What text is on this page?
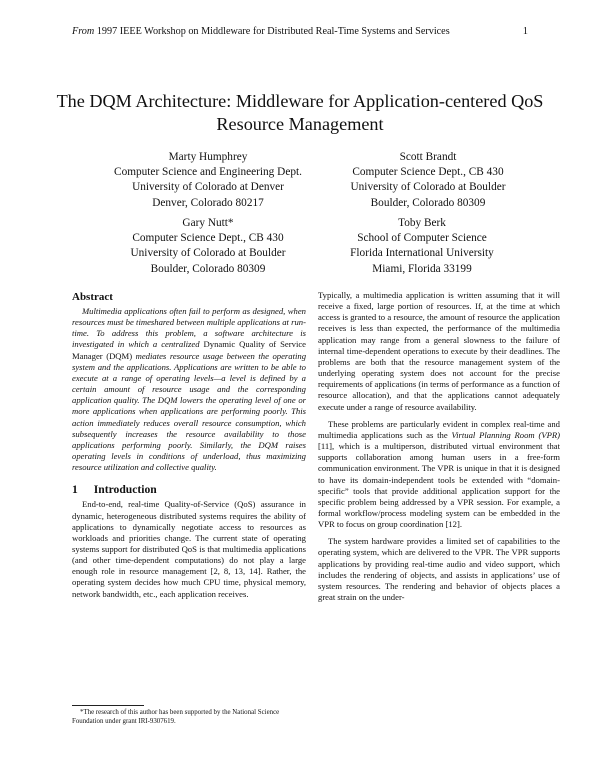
From 1997 IEEE Workshop on Middleware for Distributed Real-Time Systems and Services	1
The DQM Architecture: Middleware for Application-centered QoS
Resource Management
Marty Humphrey
Computer Science and Engineering Dept.
University of Colorado at Denver
Denver, Colorado 80217
Scott Brandt
Computer Science Dept., CB 430
University of Colorado at Boulder
Boulder, Colorado 80309
Gary Nutt*
Computer Science Dept., CB 430
University of Colorado at Boulder
Boulder, Colorado 80309
Toby Berk
School of Computer Science
Florida International University
Miami, Florida 33199
Abstract

Multimedia applications often fail to perform as designed, when resources must be timeshared between multiple applications at run-time. To address this problem, a software architecture is investigated in which a centralized Dynamic Quality of Service Manager (DQM) mediates resource usage between the operating system and the applications. Applications are written to be able to execute at a range of operating levels—a level is defined by a certain amount of resource usage and the corresponding application quality. The DQM lowers the operating level of one or more applications when applications are performing poorly. This action immediately reduces overall resource consumption, which subsequently increases the resource availability to those applications performing poorly. Similarly, the DQM raises operating levels in conditions of underload, thus maximizing resource utilization and collective quality.

1 Introduction

End-to-end, real-time Quality-of-Service (QoS) assurance in dynamic, heterogeneous distributed systems requires the ability of applications to dynamically negotiate access to resources as workloads and priorities change. The current state of operating systems support for distributed QoS is that multimedia applications (and other time-dependent computations) do not play a large enough role in resource management [2, 8, 13, 14]. Rather, the operating system decides how much CPU time, physical memory, network bandwidth, etc., each application receives.

Typically, a multimedia application is written assuming that it will receive a fixed, large portion of resources. If, at the time at which access is granted to a resource, the amount of resource the application receives is less than expected, the performance of the multimedia application may range from a general slowness to the failure of internal time-dependent operations to execute by their deadlines. The problems are both that the resource management system of the underlying operating system does not account for the precise requirements of applications (in terms of performance as a function of resource allocation), and that the applications cannot adequately execute under a range of resource availability.

These problems are particularly evident in complex real-time and multimedia applications such as the Virtual Planning Room (VPR) [11], which is a multiperson, distributed virtual environment that supports collaboration among human users in a free-form communication environment. The VPR is unique in that it is designed to have its domain-independent tools be extended with “domain-specific” tools that provide additional application support for the specific problem being addressed by a VPR session. For example, a formal workflow/process modeling system can be embedded in the VPR to focus on group coordination [12].

The system hardware provides a limited set of capabilities to the operating system, which are delivered to the VPR. The VPR supports applications by providing real-time audio and video support, which includes the rendering of objects, and assists in applications’ use of system resources. The rendering and behavior of objects places a great strain on the under-

*The research of this author has been supported by the National Science Foundation under grant IRI-9307619.
